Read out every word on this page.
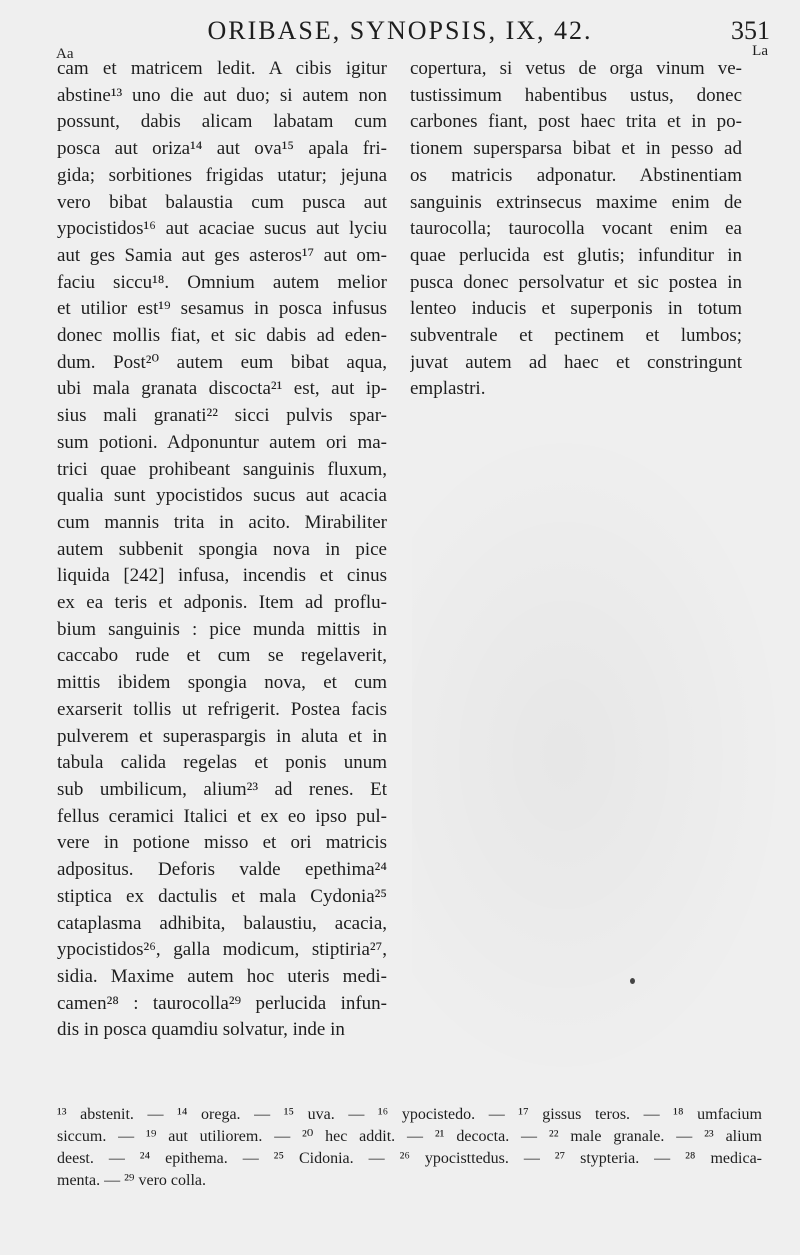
ORIBASE, SYNOPSIS, IX, 42.	351
Aa	La
cam et matricem ledit. A cibis igitur
abstine¹³ uno die aut duo; si autem non
possunt, dabis alicam labatam cum
posca aut oriza¹⁴ aut ova¹⁵ apala fri-
gida; sorbitiones frigidas utatur; jejuna
vero bibat balaustia cum pusca aut
ypocistidos¹⁶ aut acaciae sucus aut lyciu
aut ges Samia aut ges asteros¹⁷ aut om-
faciu siccu¹⁸. Omnium autem melior
et utilior est¹⁹ sesamus in posca infusus
donec mollis fiat, et sic dabis ad eden-
dum. Post²⁰ autem eum bibat aqua,
ubi mala granata discocta²¹ est, aut ip-
sius mali granati²² sicci pulvis spar-
sum potioni. Adponuntur autem ori ma-
trici quae prohibeant sanguinis fluxum,
qualia sunt ypocistidos sucus aut acacia
cum mannis trita in acito. Mirabiliter
autem subbenit spongia nova in pice
liquida [242] infusa, incendis et cinus
ex ea teris et adponis. Item ad proflu-
bium sanguinis : pice munda mittis in
caccabo rude et cum se regelaverit,
mittis ibidem spongia nova, et cum
exarserit tollis ut refrigerit. Postea facis
pulverem et superaspargis in aluta et in
tabula calida regelas et ponis unum
sub umbilicum, alium²³ ad renes. Et
fellus ceramici Italici et ex eo ipso pul-
vere in potione misso et ori matricis
adpositus. Deforis valde epethima²⁴
stiptica ex dactulis et mala Cydonia²⁵
cataplasma adhibita, balaustiu, acacia,
ypocistidos²⁶, galla modicum, stiptiria²⁷,
sidia. Maxime autem hoc uteris medi-
camen²⁸ : taurocolla²⁹ perlucida infun-
dis in posca quamdiu solvatur, inde in
copertura, si vetus de orga vinum ve-
tustissimum habentibus ustus, donec
carbones fiant, post haec trita et in po-
tionem supersparsa bibat et in pesso ad
os matricis adponatur. Abstinentiam
sanguinis extrinsecus maxime enim de
taurocolla; taurocolla vocant enim ea
quae perlucida est glutis; infunditur in
pusca donec persolvatur et sic postea in
lenteo inducis et superponis in totum
subventrale et pectinem et lumbos;
juvat autem ad haec et constringunt
emplastri.
¹³ abstenit. — ¹⁴ orega. — ¹⁵ uva. — ¹⁶ ypocistedo. — ¹⁷ gissus teros. — ¹⁸ umfacium
siccum. — ¹⁹ aut utiliorem. — ²⁰ hec addit. — ²¹ decocta. — ²² male granale. — ²³ alium
deest. — ²⁴ epithema. — ²⁵ Cidonia. — ²⁶ ypocisttedus. — ²⁷ stypteria. — ²⁸ medica-
menta. — ²⁹ vero colla.
